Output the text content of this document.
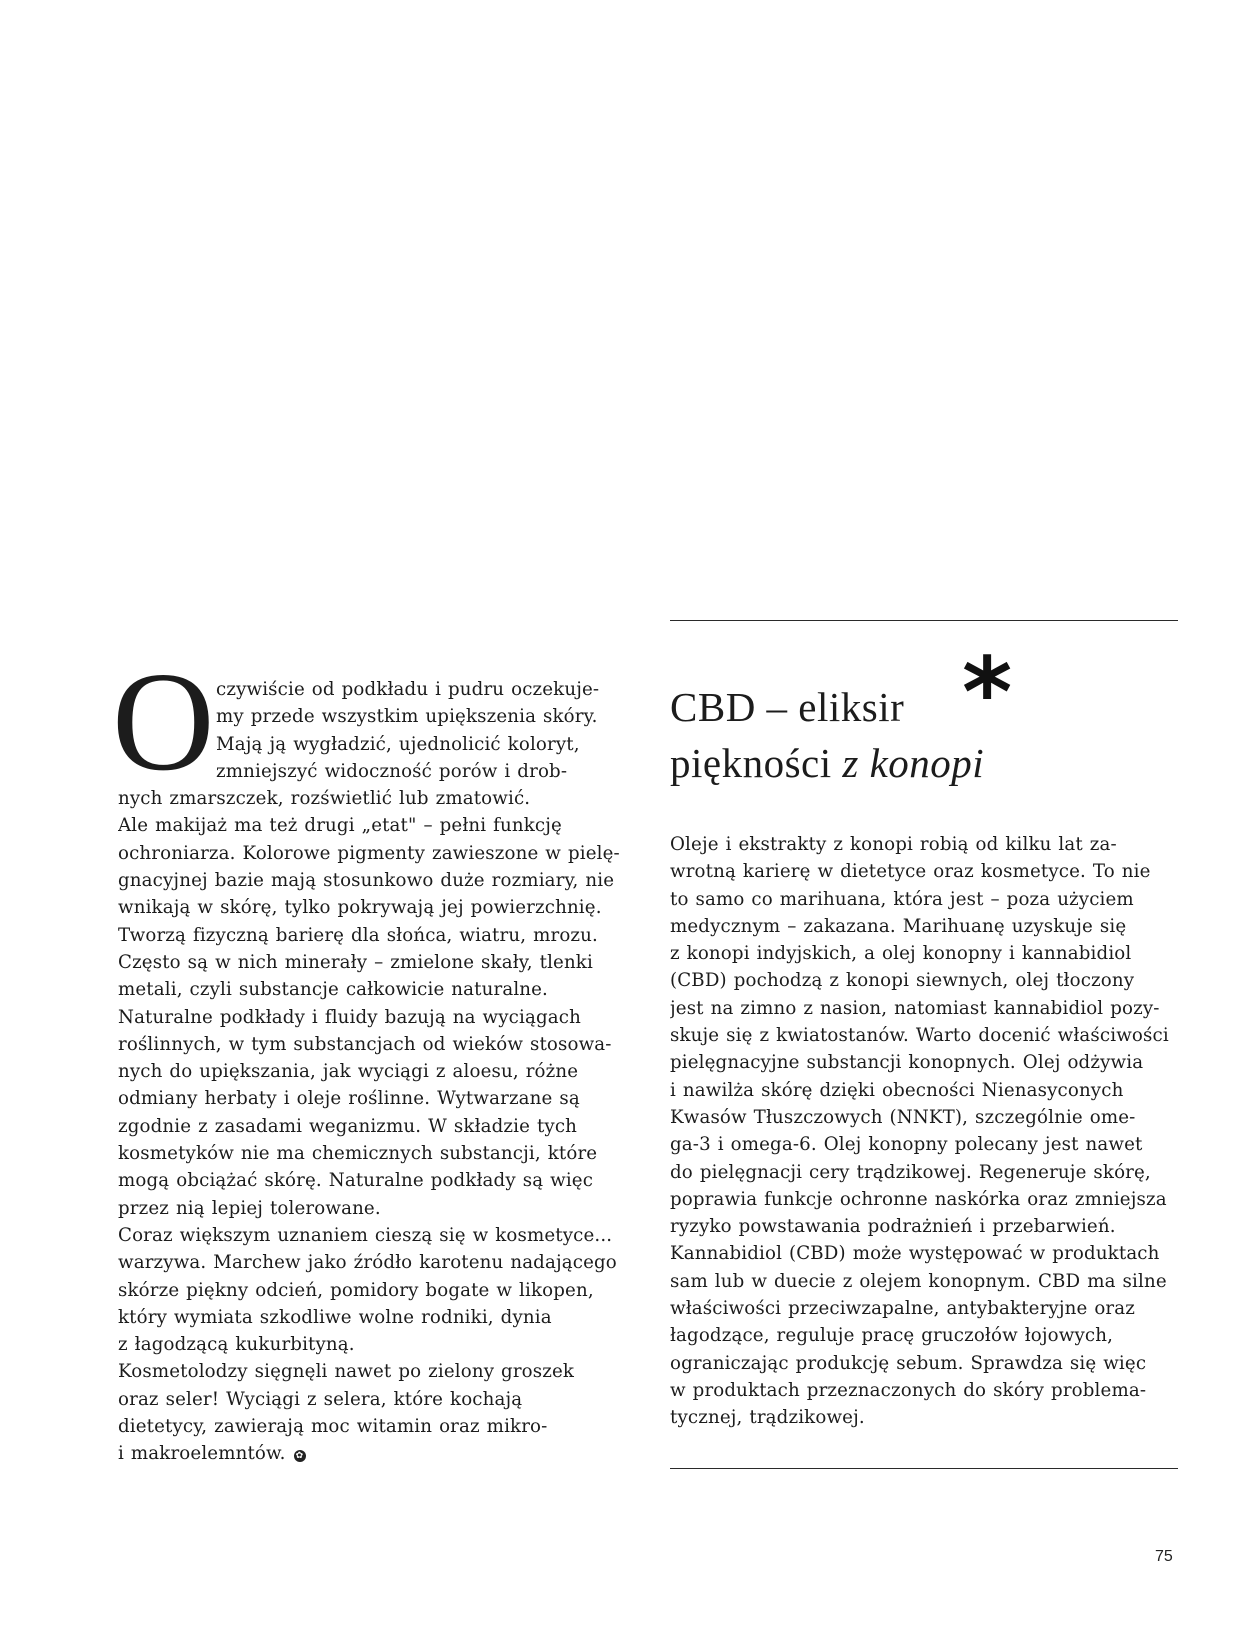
O czywiście od podkładu i pudru oczekuje-
my przede wszystkim upiększenia skóry.
Mają ją wygładzić, ujednolicić koloryt,
zmniejszyć widoczność porów i drob-
nych zmarszczek, rozświetlić lub zmatowić.
Ale makijaż ma też drugi „etat" – pełni funkcję
ochroniarza. Kolorowe pigmenty zawieszone w pielę-
gnacyjnej bazie mają stosunkowo duże rozmiary, nie
wnikają w skórę, tylko pokrywają jej powierzchnię.
Tworzą fizyczną barierę dla słońca, wiatru, mrozu.
Często są w nich minerały – zmielone skały, tlenki
metali, czyli substancje całkowicie naturalne.
Naturalne podkłady i fluidy bazują na wyciągach
roślinnych, w tym substancjach od wieków stosowa-
nych do upiększania, jak wyciągi z aloesu, różne
odmiany herbaty i oleje roślinne. Wytwarzane są
zgodnie z zasadami weganizmu. W składzie tych
kosmetyków nie ma chemicznych substancji, które
mogą obciążać skórę. Naturalne podkłady są więc
przez nią lepiej tolerowane.
Coraz większym uznaniem cieszą się w kosmetyce...
warzywa. Marchew jako źródło karotenu nadającego
skórze piękny odcień, pomidory bogate w likopen,
który wymiata szkodliwe wolne rodniki, dynia
z łagodzącą kukurbityną.
Kosmetolodzy sięgnęli nawet po zielony groszek
oraz seler! Wyciągi z selera, które kochają
dietetycy, zawierają moc witamin oraz mikro-
i makroelemntów. ✿
*
CBD – eliksir
piękności z konopi
Oleje i ekstrakty z konopi robią od kilku lat za-
wrotną karierę w dietetyce oraz kosmetyce. To nie
to samo co marihuana, która jest – poza użyciem
medycznym – zakazana. Marihuanę uzyskuje się
z konopi indyjskich, a olej konopny i kannabidiol
(CBD) pochodzą z konopi siewnych, olej tłoczony
jest na zimno z nasion, natomiast kannabidiol pozy-
skuje się z kwiatostanów. Warto docenić właściwości
pielęgnacyjne substancji konopnych. Olej odżywia
i nawilża skórę dzięki obecności Nienasyconych
Kwasów Tłuszczowych (NNKT), szczególnie ome-
ga-3 i omega-6. Olej konopny polecany jest nawet
do pielęgnacji cery trądzikowej. Regeneruje skórę,
poprawia funkcje ochronne naskórka oraz zmniejsza
ryzyko powstawania podrażnień i przebarwień.
Kannabidiol (CBD) może występować w produktach
sam lub w duecie z olejem konopnym. CBD ma silne
właściwości przeciwzapalne, antybakteryjne oraz
łagodzące, reguluje pracę gruczołów łojowych,
ograniczając produkcję sebum. Sprawdza się więc
w produktach przeznaczonych do skóry problema-
tycznej, trądzikowej.
75
